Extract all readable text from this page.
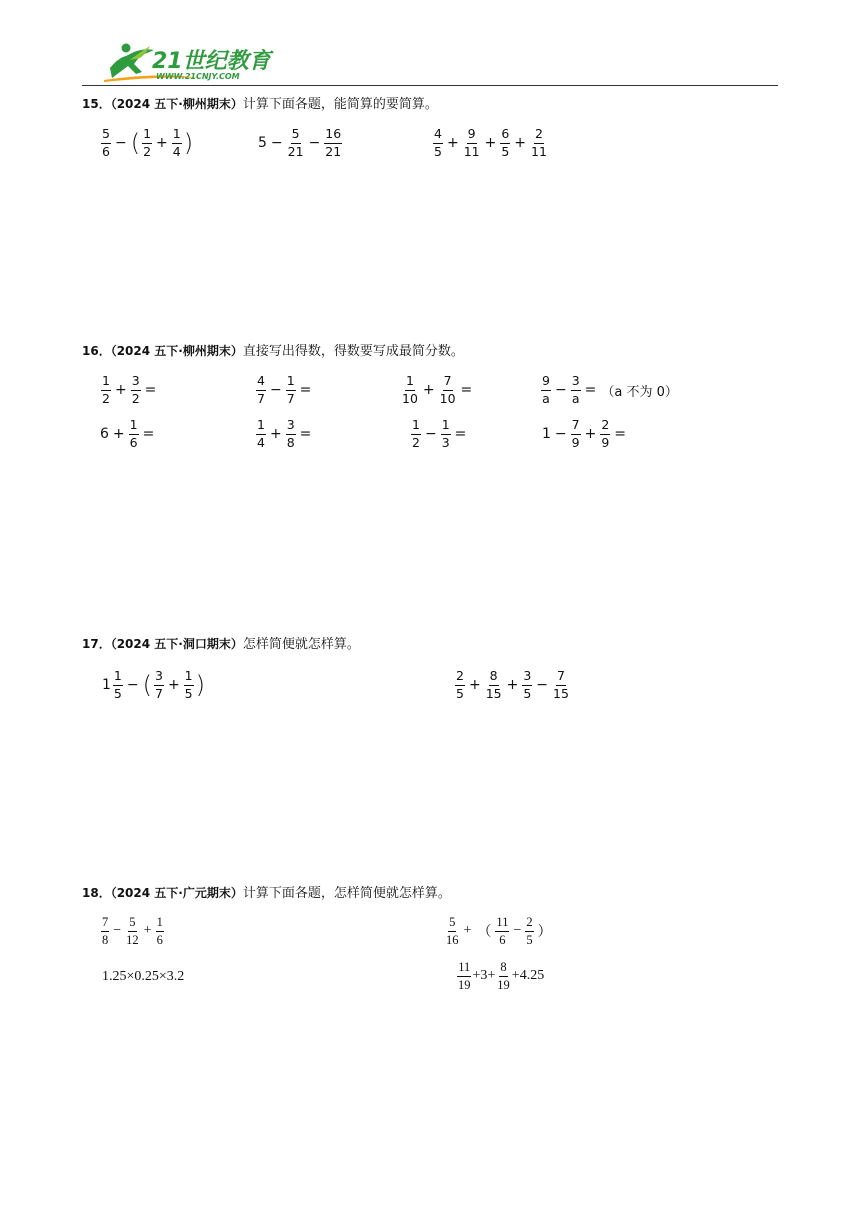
21世纪教育
WWW.21CNJY.COM
15．（2024 五下·柳州期末）计算下面各题，能简算的要简算。
$\frac{5}{6}$ − ( $\frac{1}{2} + \frac{1}{4}$ )	$5 - \frac{5}{21} - \frac{16}{21}$	$\frac{4}{5} + \frac{9}{11} + \frac{6}{5} + \frac{2}{11}$
16．（2024 五下·柳州期末）直接写出得数，得数要写成最简分数。
$\frac{1}{2} + \frac{3}{2}$ =	$\frac{4}{7} - \frac{1}{7}$ =	$\frac{1}{10} + \frac{7}{10}$ =	$\frac{9}{a} - \frac{3}{a} = (a$ 不为 0）
$6 + \frac{1}{6}$ =	$\frac{1}{4} + \frac{3}{8}$ =	$\frac{1}{2} - \frac{1}{3}$ =	$1 - \frac{7}{9} + \frac{2}{9}$ =
17．（2024 五下·洞口期末）怎样简便就怎样算。
$1 \frac{1}{5}$ − ( $\frac{3}{7} + \frac{1}{5}$ )	$\frac{2}{5} + \frac{8}{15} + \frac{3}{5} - \frac{7}{15}$
18．（2024 五下·广元期末）计算下面各题，怎样简便就怎样算。
$\frac{7}{8} - \frac{5}{12} + \frac{1}{6}$	$\frac{5}{16}$ + （ $\frac{11}{6} - \frac{2}{5}$ ）
1.25×0.25×3.2	$\frac{11}{19} +3+ \frac{8}{19} +4.25$
